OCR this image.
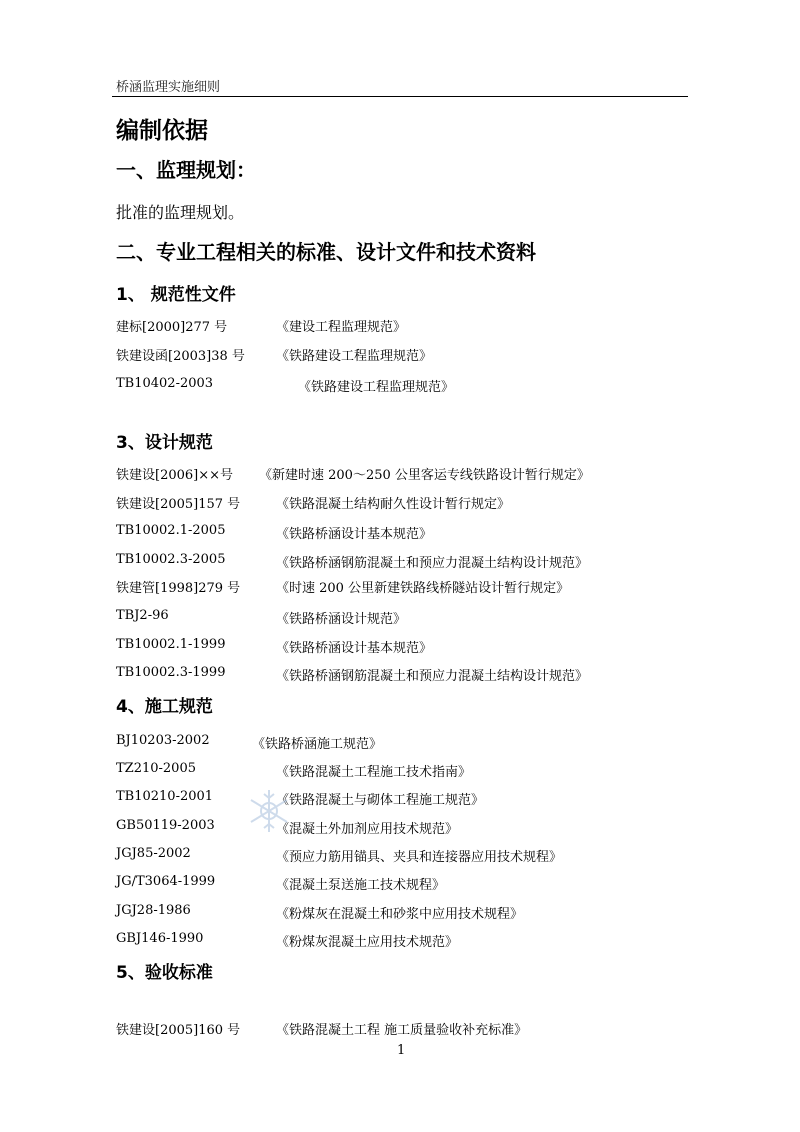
桥涵监理实施细则
编制依据
一、监理规划：
批准的监理规划。
二、专业工程相关的标准、设计文件和技术资料
1、 规范性文件
建标[2000]277 号	《建设工程监理规范》
铁建设函[2003]38 号 《铁路建设工程监理规范》
TB10402-2003	《铁路建设工程监理规范》
3、设计规范
铁建设[2006]××号 《新建时速 200～250 公里客运专线铁路设计暂行规定》
铁建设[2005]157 号	《铁路混凝土结构耐久性设计暂行规定》
TB10002.1-2005	《铁路桥涵设计基本规范》
TB10002.3-2005	《铁路桥涵钢筋混凝土和预应力混凝土结构设计规范》
铁建管[1998]279 号	《时速 200 公里新建铁路线桥隧站设计暂行规定》
TBJ2-96	《铁路桥涵设计规范》
TB10002.1-1999	《铁路桥涵设计基本规范》
TB10002.3-1999	《铁路桥涵钢筋混凝土和预应力混凝土结构设计规范》
4、施工规范
BJ10203-2002	《铁路桥涵施工规范》
TZ210-2005	《铁路混凝土工程施工技术指南》
TB10210-2001	《铁路混凝土与砌体工程施工规范》
GB50119-2003	《混凝土外加剂应用技术规范》
JGJ85-2002	《预应力筋用锚具、夹具和连接器应用技术规程》
JG/T3064-1999	《混凝土泵送施工技术规程》
JGJ28-1986	《粉煤灰在混凝土和砂浆中应用技术规程》
GBJ146-1990	《粉煤灰混凝土应用技术规范》
5、验收标准
铁建设[2005]160 号	《铁路混凝土工程 施工质量验收补充标准》
1
